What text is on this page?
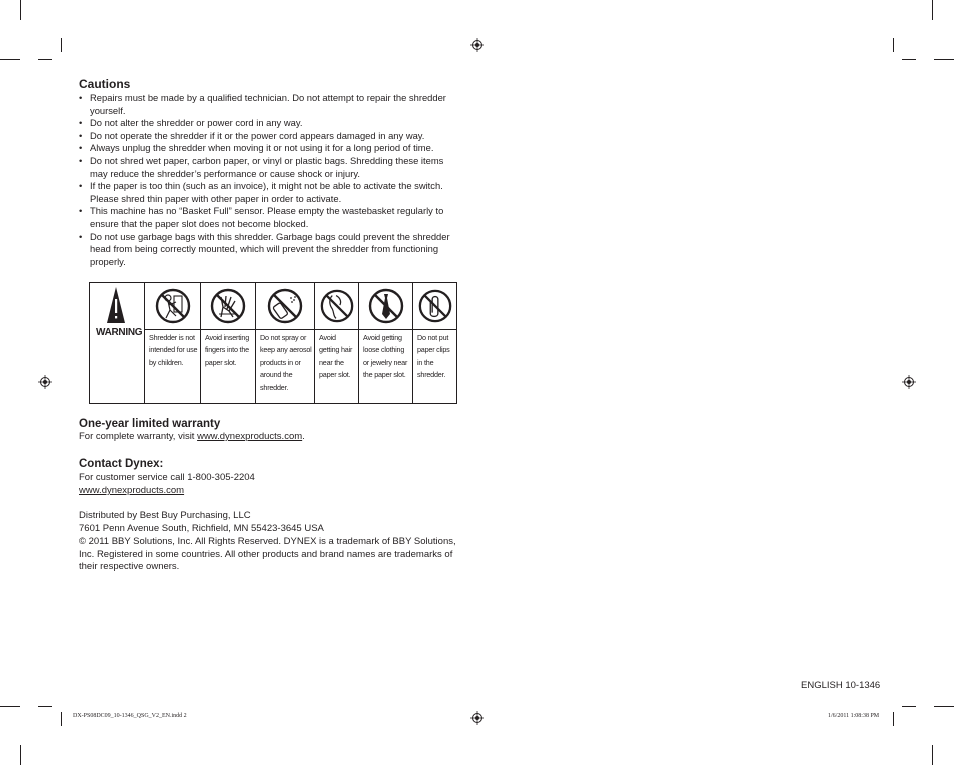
Cautions
• Repairs must be made by a qualified technician. Do not attempt to repair the shredder yourself.
• Do not alter the shredder or power cord in any way.
• Do not operate the shredder if it or the power cord appears damaged in any way.
• Always unplug the shredder when moving it or not using it for a long period of time.
• Do not shred wet paper, carbon paper, or vinyl or plastic bags. Shredding these items may reduce the shredder’s performance or cause shock or injury.
• If the paper is too thin (such as an invoice), it might not be able to activate the switch. Please shred thin paper with other paper in order to activate.
• This machine has no “Basket Full” sensor. Please empty the wastebasket regularly to ensure that the paper slot does not become blocked.
• Do not use garbage bags with this shredder. Garbage bags could prevent the shredder head from being correctly mounted, which will prevent the shredder from functioning properly.
WARNING Shredder is not intended for use by children.
Avoid inserting fingers into the paper slot.
Do not spray or keep any aerosol products in or around the shredder.
Avoid getting hair near the paper slot.
Avoid getting loose clothing or jewelry near the paper slot.
Do not put paper clips in the shredder.
One-year limited warranty
For complete warranty, visit www.dynexproducts.com.
Contact Dynex:
For customer service call 1-800-305-2204
www.dynexproducts.com
Distributed by Best Buy Purchasing, LLC
7601 Penn Avenue South, Richfield, MN 55423-3645 USA
© 2011 BBY Solutions, Inc. All Rights Reserved. DYNEX is a trademark of BBY Solutions, Inc. Registered in some countries. All other products and brand names are trademarks of their respective owners.
ENGLISH 10-1346
DX-PS08DC09_10-1346_QSG_V2_EN.indd 2	1/6/2011 1:08:38 PM
